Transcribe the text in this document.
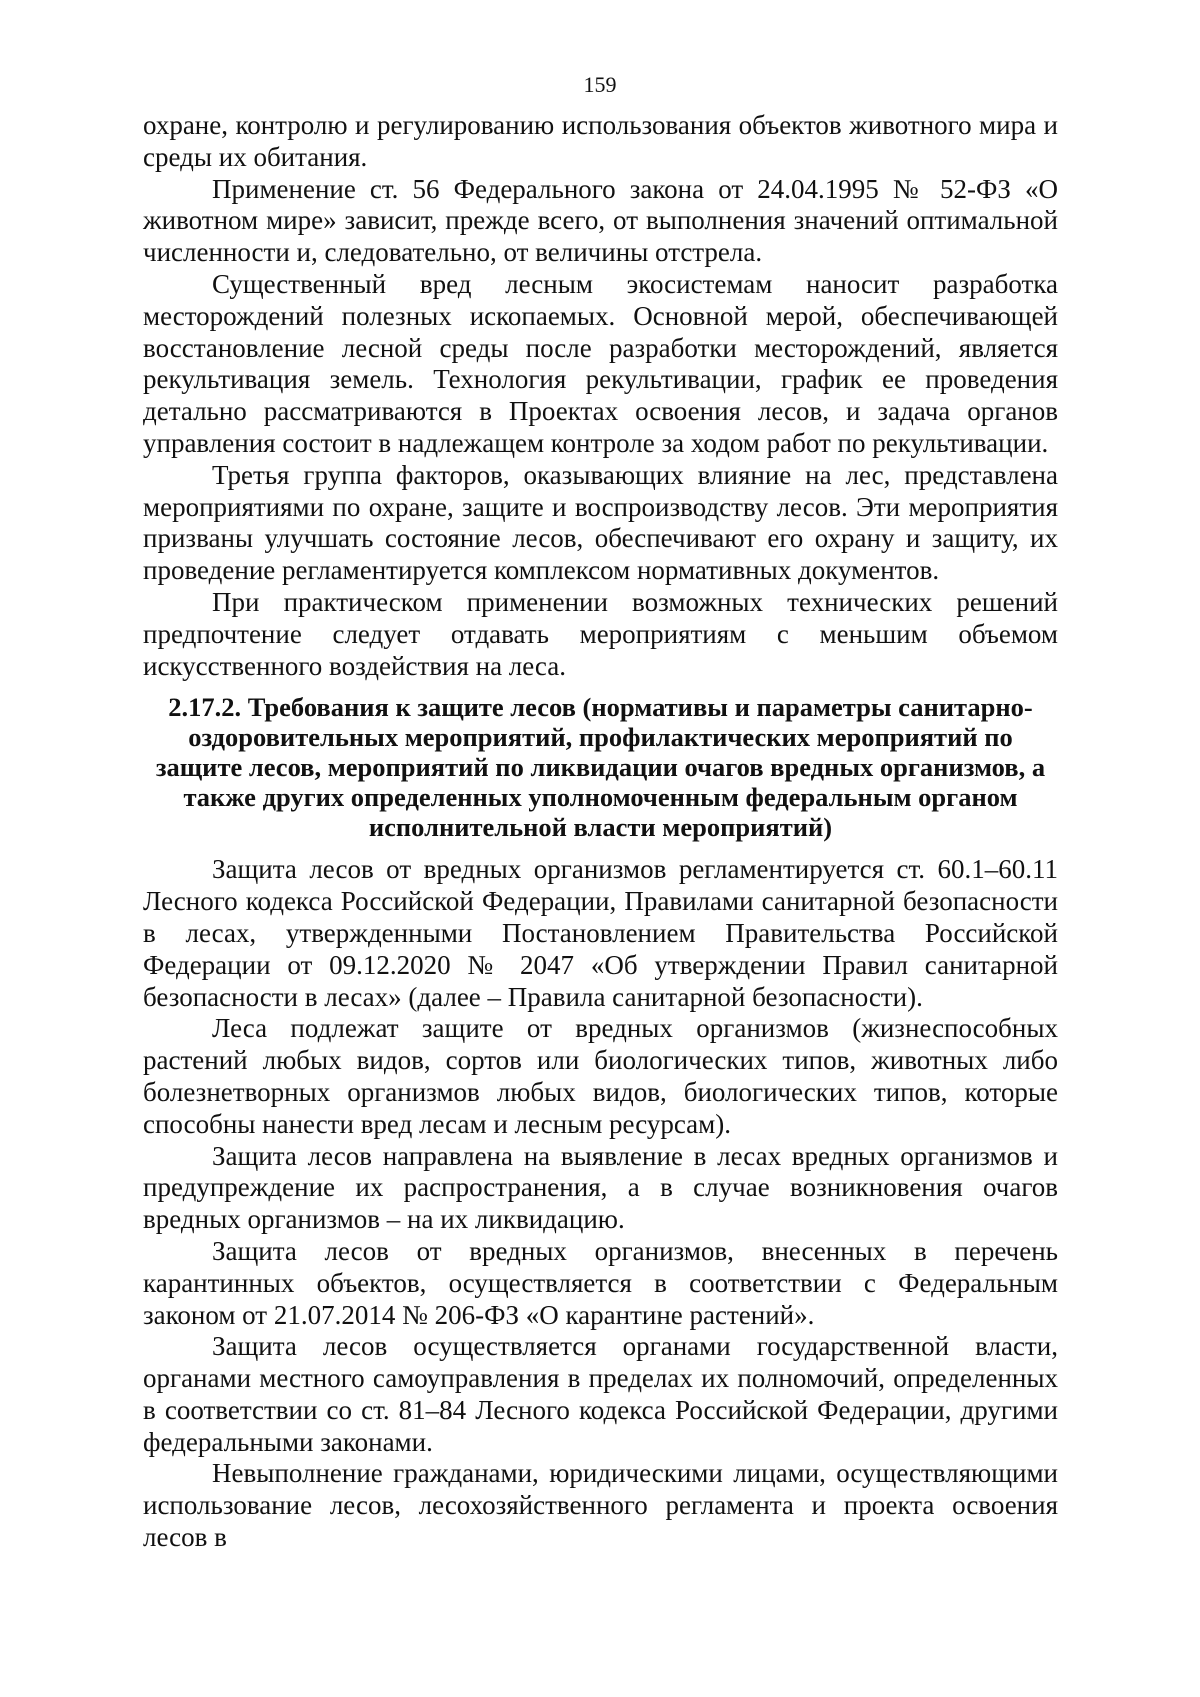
159

охране, контролю и регулированию использования объектов животного мира и среды их обитания.

Применение ст. 56 Федерального закона от 24.04.1995 № 52-ФЗ «О животном мире» зависит, прежде всего, от выполнения значений оптимальной численности и, следовательно, от величины отстрела.

Существенный вред лесным экосистемам наносит разработка месторождений полезных ископаемых. Основной мерой, обеспечивающей восстановление лесной среды после разработки месторождений, является рекультивация земель. Технология рекультивации, график ее проведения детально рассматриваются в Проектах освоения лесов, и задача органов управления состоит в надлежащем контроле за ходом работ по рекультивации.

Третья группа факторов, оказывающих влияние на лес, представлена мероприятиями по охране, защите и воспроизводству лесов. Эти мероприятия призваны улучшать состояние лесов, обеспечивают его охрану и защиту, их проведение регламентируется комплексом нормативных документов.

При практическом применении возможных технических решений предпочтение следует отдавать мероприятиям с меньшим объемом искусственного воздействия на леса.

2.17.2. Требования к защите лесов (нормативы и параметры санитарно-оздоровительных мероприятий, профилактических мероприятий по защите лесов, мероприятий по ликвидации очагов вредных организмов, а также других определенных уполномоченным федеральным органом исполнительной власти мероприятий)

Защита лесов от вредных организмов регламентируется ст. 60.1–60.11 Лесного кодекса Российской Федерации, Правилами санитарной безопасности в лесах, утвержденными Постановлением Правительства Российской Федерации от 09.12.2020 № 2047 «Об утверждении Правил санитарной безопасности в лесах» (далее – Правила санитарной безопасности).

Леса подлежат защите от вредных организмов (жизнеспособных растений любых видов, сортов или биологических типов, животных либо болезнетворных организмов любых видов, биологических типов, которые способны нанести вред лесам и лесным ресурсам).

Защита лесов направлена на выявление в лесах вредных организмов и предупреждение их распространения, а в случае возникновения очагов вредных организмов – на их ликвидацию.

Защита лесов от вредных организмов, внесенных в перечень карантинных объектов, осуществляется в соответствии с Федеральным законом от 21.07.2014 № 206-ФЗ «О карантине растений».

Защита лесов осуществляется органами государственной власти, органами местного самоуправления в пределах их полномочий, определенных в соответствии со ст. 81–84 Лесного кодекса Российской Федерации, другими федеральными законами.

Невыполнение гражданами, юридическими лицами, осуществляющими использование лесов, лесохозяйственного регламента и проекта освоения лесов в
